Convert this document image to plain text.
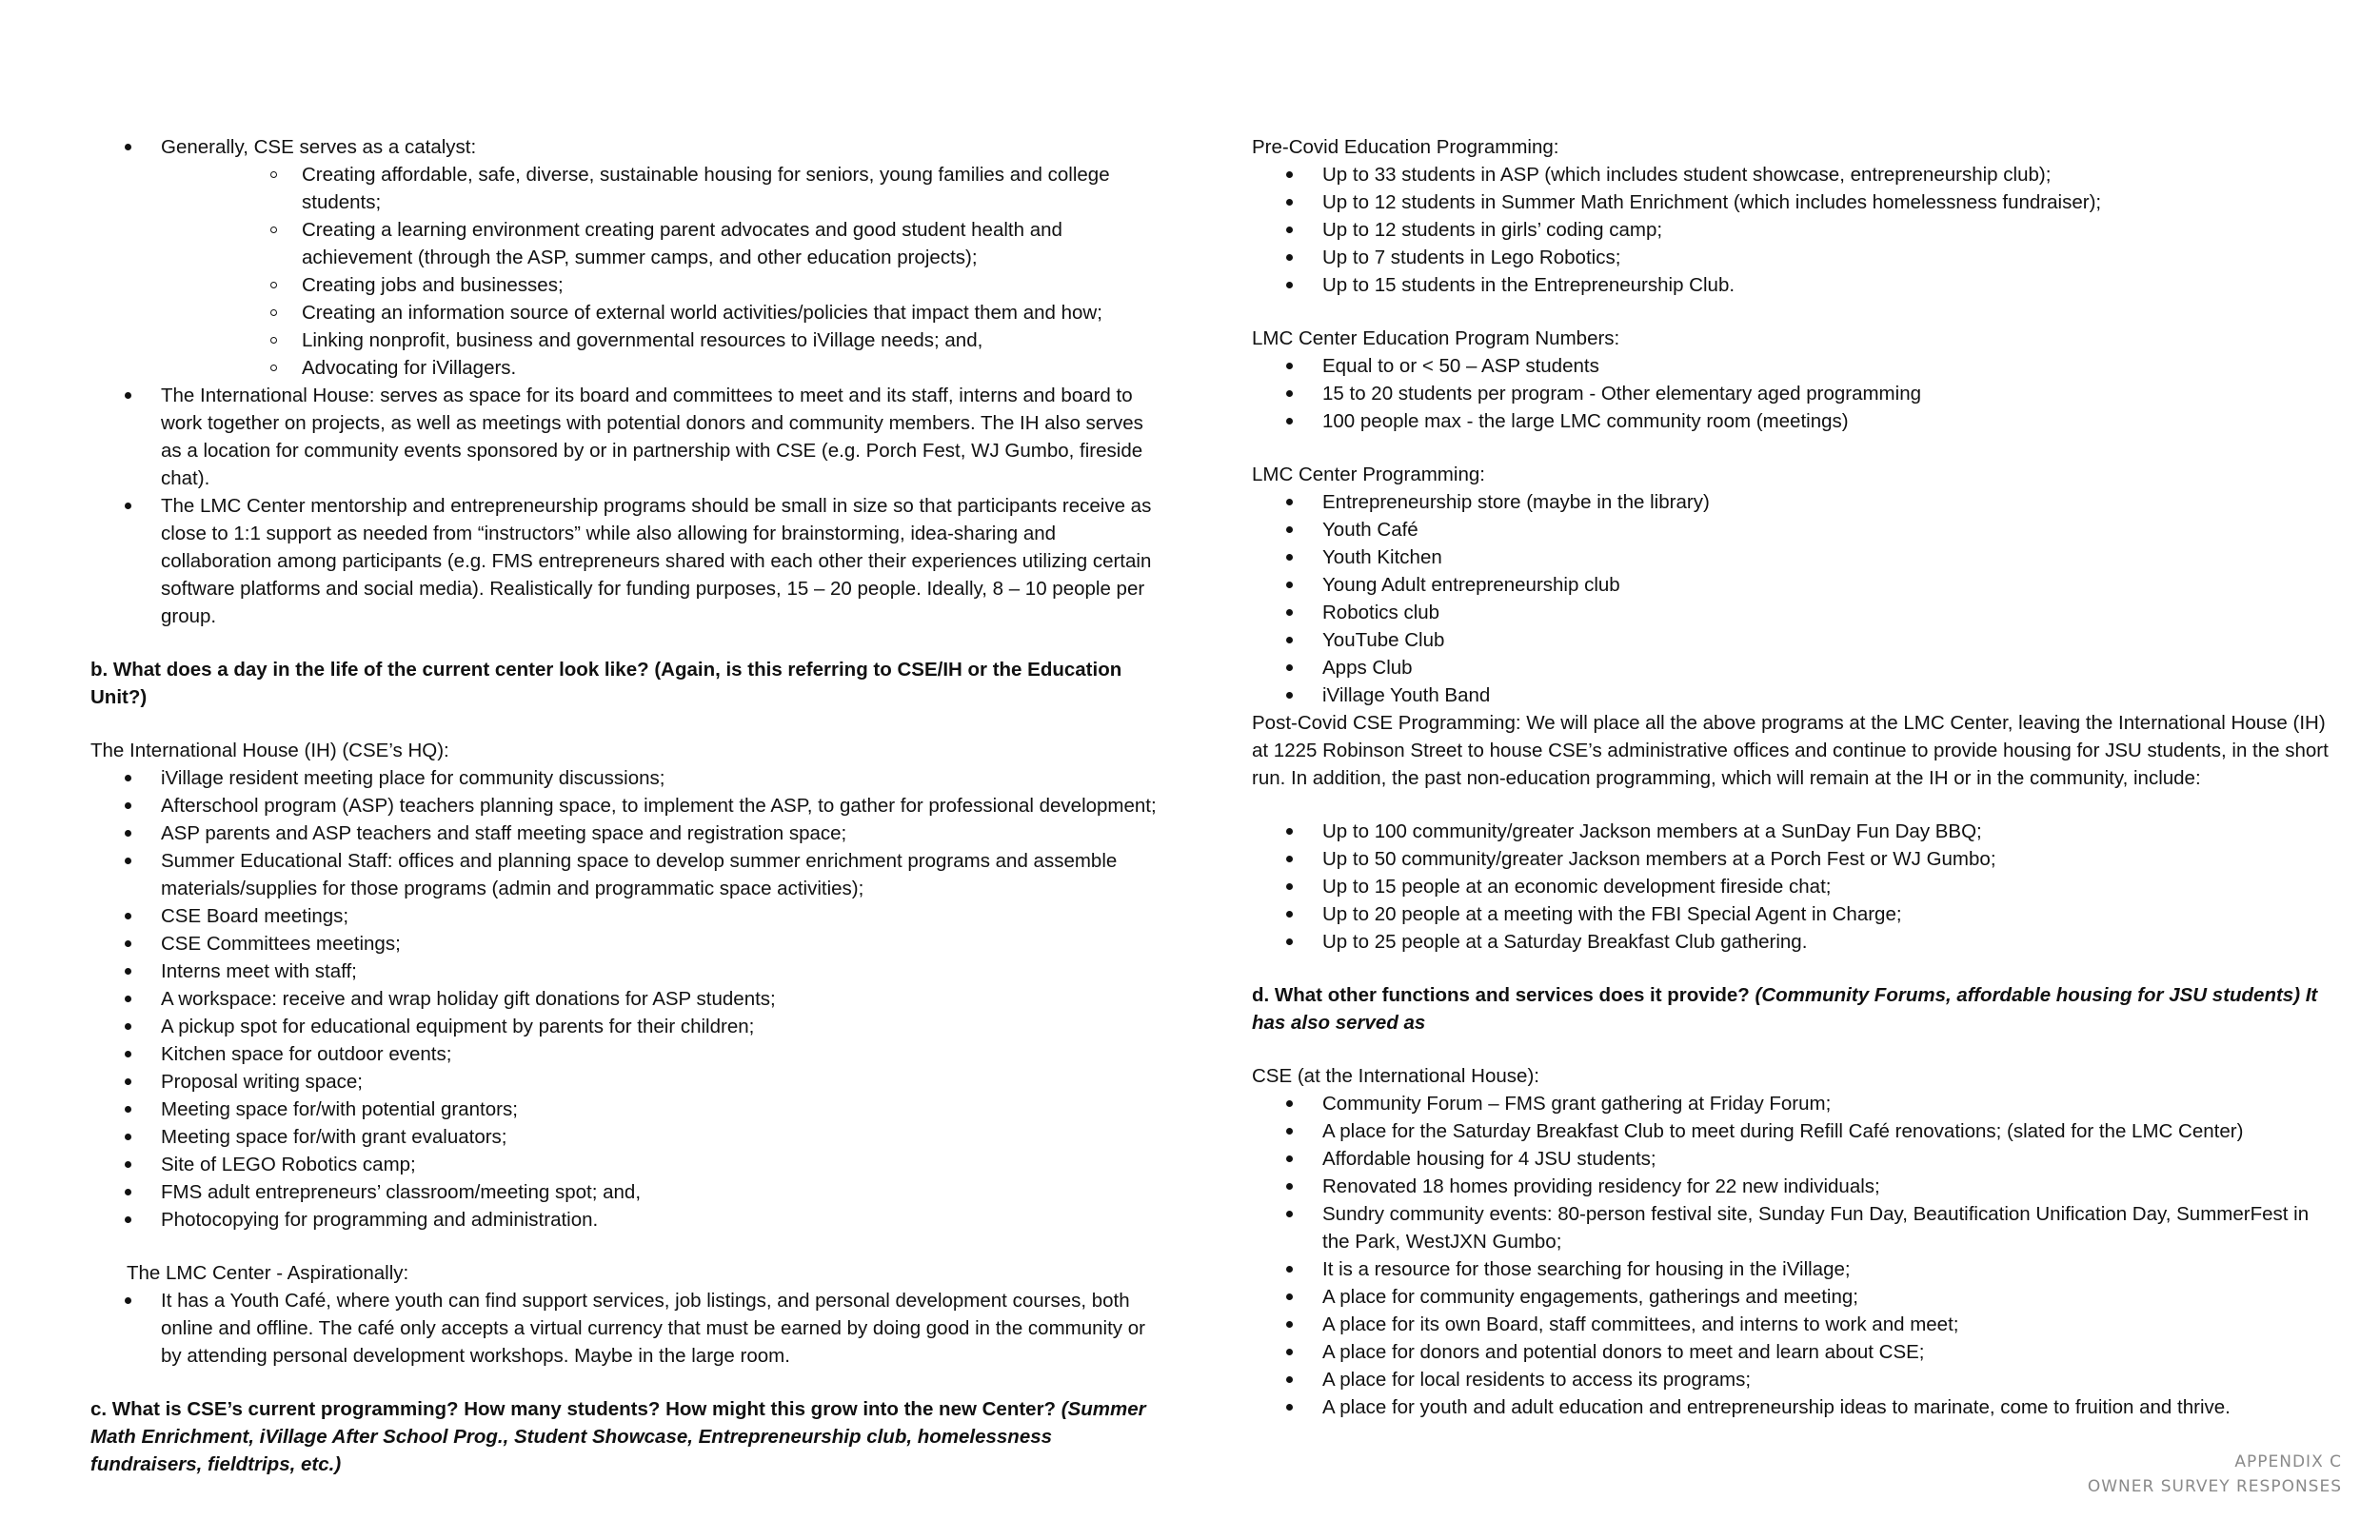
Generally, CSE serves as a catalyst:
Creating affordable, safe, diverse, sustainable housing for seniors, young families and college students;
Creating a learning environment creating parent advocates and good student health and achievement (through the ASP, summer camps, and other education projects);
Creating jobs and businesses;
Creating an information source of external world activities/policies that impact them and how;
Linking nonprofit, business and governmental resources to iVillage needs; and,
Advocating for iVillagers.
The International House: serves as space for its board and committees to meet and its staff, interns and board to work together on projects, as well as meetings with potential donors and community members. The IH also serves as a location for community events sponsored by or in partnership with CSE (e.g. Porch Fest, WJ Gumbo, fireside chat).
The LMC Center mentorship and entrepreneurship programs should be small in size so that participants receive as close to 1:1 support as needed from “instructors” while also allowing for brainstorming, idea-sharing and collaboration among participants (e.g. FMS entrepreneurs shared with each other their experiences utilizing certain software platforms and social media). Realistically for funding purposes, 15 – 20 people. Ideally, 8 – 10 people per group.

b. What does a day in the life of the current center look like? (Again, is this referring to CSE/IH or the Education Unit?)

The International House (IH) (CSE’s HQ):

iVillage resident meeting place for community discussions;
Afterschool program (ASP) teachers planning space, to implement the ASP, to gather for professional development;
ASP parents and ASP teachers and staff meeting space and registration space;
Summer Educational Staff: offices and planning space to develop summer enrichment programs and assemble materials/supplies for those programs (admin and programmatic space activities);
CSE Board meetings;
CSE Committees meetings;
Interns meet with staff;
A workspace: receive and wrap holiday gift donations for ASP students;
A pickup spot for educational equipment by parents for their children;
Kitchen space for outdoor events;
Proposal writing space;
Meeting space for/with potential grantors;
Meeting space for/with grant evaluators;
Site of LEGO Robotics camp;
FMS adult entrepreneurs’ classroom/meeting spot; and,
Photocopying for programming and administration.

The LMC Center - Aspirationally:

It has a Youth Café, where youth can find support services, job listings, and personal development courses, both online and offline. The café only accepts a virtual currency that must be earned by doing good in the community or by attending personal development workshops. Maybe in the large room.

c. What is CSE’s current programming? How many students? How might this grow into the new Center? (Summer Math Enrichment, iVillage After School Prog., Student Showcase, Entrepreneurship club, homelessness fundraisers, fieldtrips, etc.)

Pre-Covid Education Programming:

Up to 33 students in ASP (which includes student showcase, entrepreneurship club);
Up to 12 students in Summer Math Enrichment (which includes homelessness fundraiser);
Up to 12 students in girls’ coding camp;
Up to 7 students in Lego Robotics;
Up to 15 students in the Entrepreneurship Club.

LMC Center Education Program Numbers:

Equal to or < 50 – ASP students
15 to 20 students per program - Other elementary aged programming
100 people max - the large LMC community room (meetings)

LMC Center Programming:

Entrepreneurship store (maybe in the library)
Youth Café
Youth Kitchen
Young Adult entrepreneurship club
Robotics club
YouTube Club
Apps Club
iVillage Youth Band

Post-Covid CSE Programming: We will place all the above programs at the LMC Center, leaving the International House (IH) at 1225 Robinson Street to house CSE’s administrative offices and continue to provide housing for JSU students, in the short run. In addition, the past non-education programming, which will remain at the IH or in the community, include:

Up to 100 community/greater Jackson members at a SunDay Fun Day BBQ;
Up to 50 community/greater Jackson members at a Porch Fest or WJ Gumbo;
Up to 15 people at an economic development fireside chat;
Up to 20 people at a meeting with the FBI Special Agent in Charge;
Up to 25 people at a Saturday Breakfast Club gathering.

d. What other functions and services does it provide? (Community Forums, affordable housing for JSU students) It has also served as

CSE (at the International House):

Community Forum – FMS grant gathering at Friday Forum;
A place for the Saturday Breakfast Club to meet during Refill Café renovations; (slated for the LMC Center)
Affordable housing for 4 JSU students;
Renovated 18 homes providing residency for 22 new individuals;
Sundry community events: 80-person festival site, Sunday Fun Day, Beautification Unification Day, SummerFest in the Park, WestJXN Gumbo;
It is a resource for those searching for housing in the iVillage;
A place for community engagements, gatherings and meeting;
A place for its own Board, staff committees, and interns to work and meet;
A place for donors and potential donors to meet and learn about CSE;
A place for local residents to access its programs;
A place for youth and adult education and entrepreneurship ideas to marinate, come to fruition and thrive.
APPENDIX C
OWNER SURVEY RESPONSES
